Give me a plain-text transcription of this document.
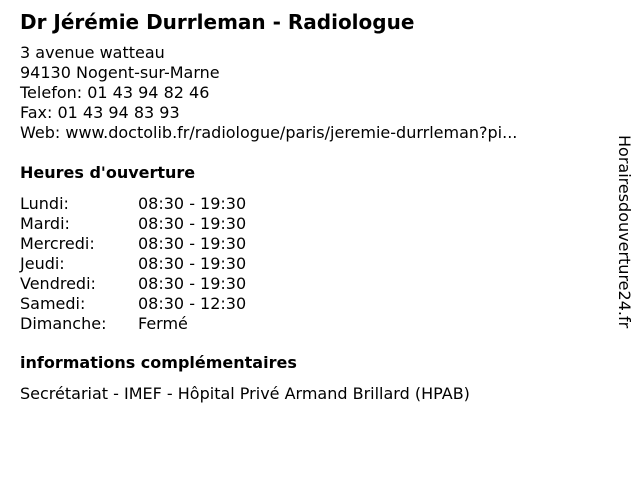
Dr Jérémie Durrleman - Radiologue
3 avenue watteau
94130 Nogent-sur-Marne
Telefon: 01 43 94 82 46
Fax: 01 43 94 83 93
Web: www.doctolib.fr/radiologue/paris/jeremie-durrleman?pi...
Heures d'ouverture
Lundi:	08:30 - 19:30
Mardi:	08:30 - 19:30
Mercredi:	08:30 - 19:30
Jeudi:	08:30 - 19:30
Vendredi:	08:30 - 19:30
Samedi:	08:30 - 12:30
Dimanche:	Fermé
informations complémentaires
Secrétariat - IMEF - Hôpital Privé Armand Brillard (HPAB)
Horairesdouverture24.fr
